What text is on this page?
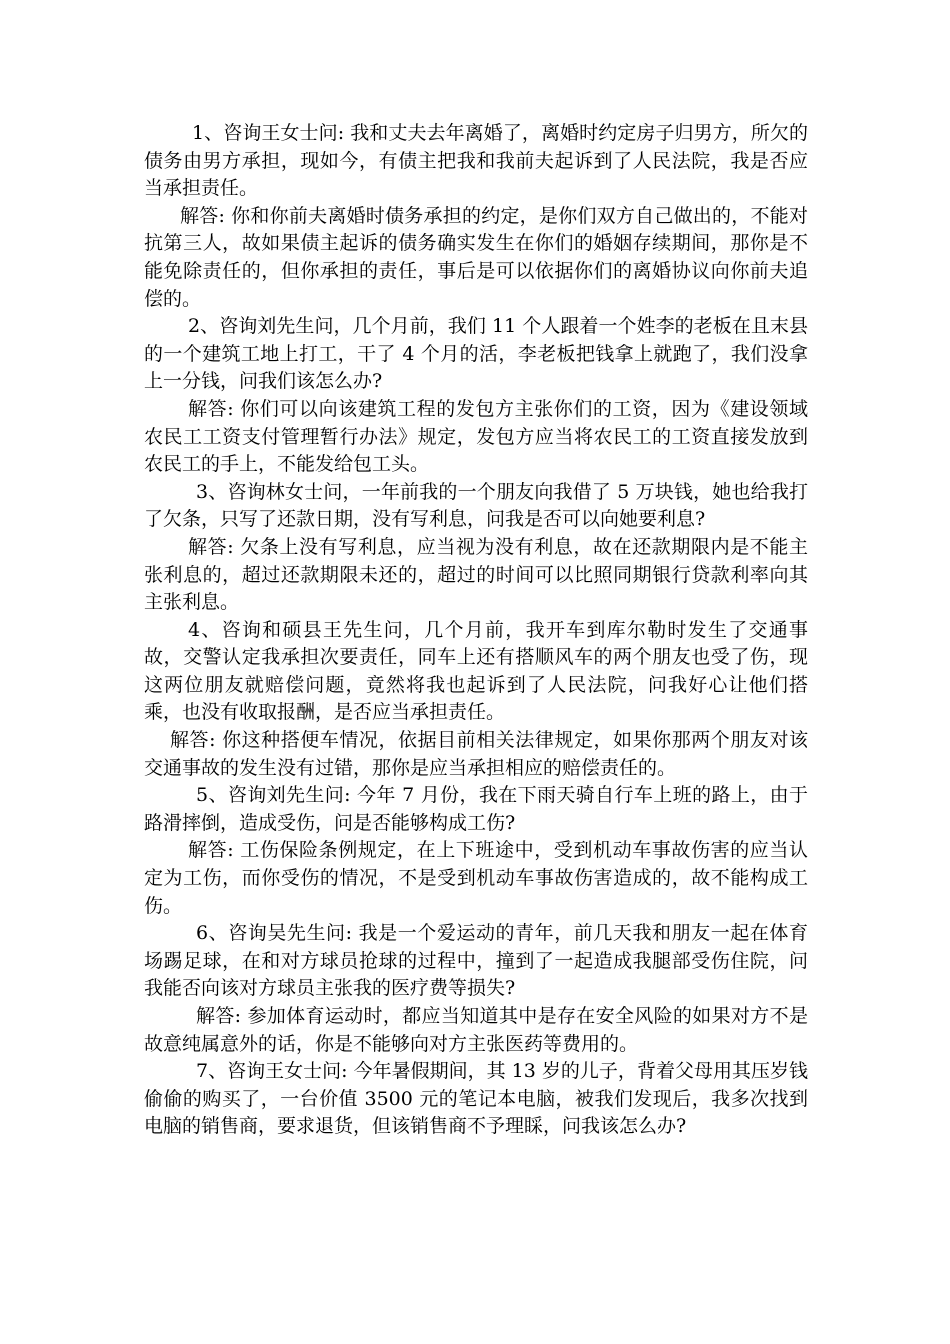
1、咨询王女士问: 我和丈夫去年离婚了，离婚时约定房子归男方，所欠的债务由男方承担，现如今，有债主把我和我前夫起诉到了人民法院，我是否应当承担责任。

解答: 你和你前夫离婚时债务承担的约定，是你们双方自己做出的，不能对抗第三人，故如果债主起诉的债务确实发生在你们的婚姻存续期间，那你是不能免除责任的，但你承担的责任，事后是可以依据你们的离婚协议向你前夫追偿的。

2、咨询刘先生问，几个月前，我们 11 个人跟着一个姓李的老板在且末县的一个建筑工地上打工，干了 4 个月的活，李老板把钱拿上就跑了，我们没拿上一分钱，问我们该怎么办?

解答: 你们可以向该建筑工程的发包方主张你们的工资，因为《建设领域农民工工资支付管理暂行办法》规定，发包方应当将农民工的工资直接发放到农民工的手上，不能发给包工头。

3、咨询林女士问，一年前我的一个朋友向我借了 5 万块钱，她也给我打了欠条，只写了还款日期，没有写利息，问我是否可以向她要利息?

解答: 欠条上没有写利息，应当视为没有利息，故在还款期限内是不能主张利息的，超过还款期限未还的，超过的时间可以比照同期银行贷款利率向其主张利息。

4、咨询和硕县王先生问，几个月前，我开车到库尔勒时发生了交通事故，交警认定我承担次要责任，同车上还有搭顺风车的两个朋友也受了伤，现这两位朋友就赔偿问题，竟然将我也起诉到了人民法院，问我好心让他们搭乘，也没有收取报酬，是否应当承担责任。

解答: 你这种搭便车情况，依据目前相关法律规定，如果你那两个朋友对该交通事故的发生没有过错，那你是应当承担相应的赔偿责任的。

5、咨询刘先生问: 今年 7 月份，我在下雨天骑自行车上班的路上，由于路滑摔倒，造成受伤，问是否能够构成工伤?

解答: 工伤保险条例规定，在上下班途中，受到机动车事故伤害的应当认定为工伤，而你受伤的情况，不是受到机动车事故伤害造成的，故不能构成工伤。

6、咨询吴先生问: 我是一个爱运动的青年，前几天我和朋友一起在体育场踢足球，在和对方球员抢球的过程中，撞到了一起造成我腿部受伤住院，问我能否向该对方球员主张我的医疗费等损失?

解答: 参加体育运动时，都应当知道其中是存在安全风险的如果对方不是故意纯属意外的话，你是不能够向对方主张医药等费用的。

7、咨询王女士问: 今年暑假期间，其 13 岁的儿子，背着父母用其压岁钱偷偷的购买了，一台价值 3500 元的笔记本电脑，被我们发现后，我多次找到电脑的销售商，要求退货，但该销售商不予理睬，问我该怎么办?
